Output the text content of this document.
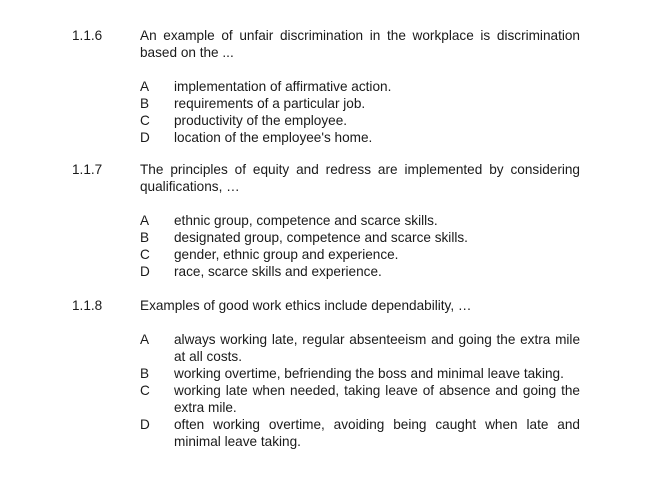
1.1.6	An example of unfair discrimination in the workplace is discrimination based on the ...
A	implementation of affirmative action.
B	requirements of a particular job.
C	productivity of the employee.
D	location of the employee's home.
1.1.7	The principles of equity and redress are implemented by considering qualifications, …
A	ethnic group, competence and scarce skills.
B	designated group, competence and scarce skills.
C	gender, ethnic group and experience.
D	race, scarce skills and experience.
1.1.8	Examples of good work ethics include dependability, …
A	always working late, regular absenteeism and going the extra mile at all costs.
B	working overtime, befriending the boss and minimal leave taking.
C	working late when needed, taking leave of absence and going the extra mile.
D	often working overtime, avoiding being caught when late and minimal leave taking.
